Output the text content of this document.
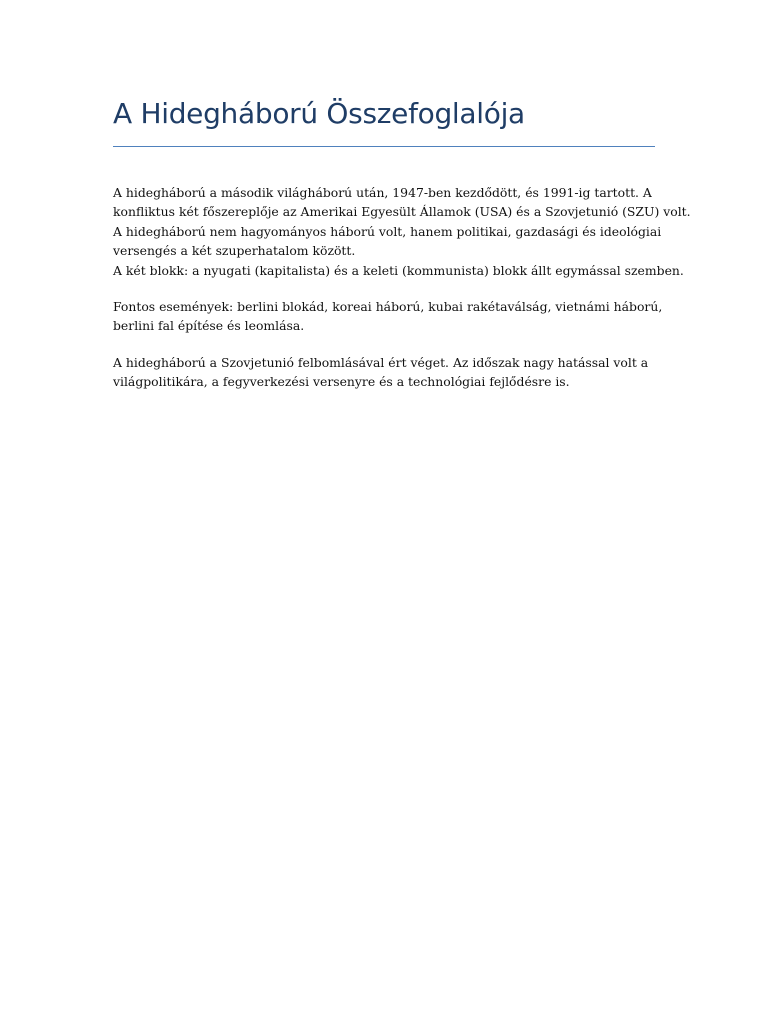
A Hidegháború Összefoglalója

A hidegháború a második világháború után, 1947-ben kezdődött, és 1991-ig tartott. A
konfliktus két főszereplője az Amerikai Egyesült Államok (USA) és a Szovjetunió (SZU) volt.
A hidegháború nem hagyományos háború volt, hanem politikai, gazdasági és ideológiai
versengés a két szuperhatalom között.
A két blokk: a nyugati (kapitalista) és a keleti (kommunista) blokk állt egymással szemben.

Fontos események: berlini blokád, koreai háború, kubai rakétaválság, vietnámi háború,
berlini fal építése és leomlása.

A hidegháború a Szovjetunió felbomlásával ért véget. Az időszak nagy hatással volt a
világpolitikára, a fegyverkezési versenyre és a technológiai fejlődésre is.
